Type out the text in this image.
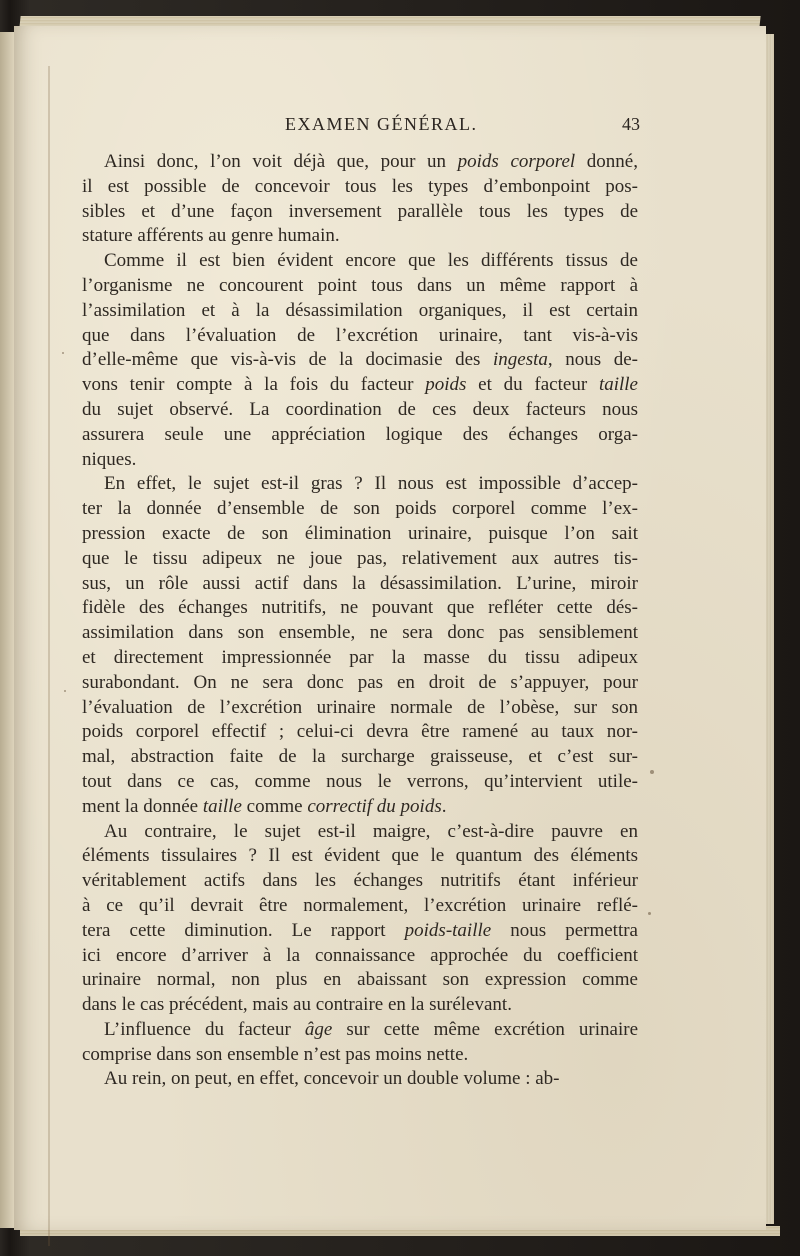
EXAMEN GÉNÉRAL.	43
Ainsi donc, l’on voit déjà que, pour un poids corporel donné,
il est possible de concevoir tous les types d’embonpoint pos-
sibles et d’une façon inversement parallèle tous les types de
stature afférents au genre humain.
Comme il est bien évident encore que les différents tissus de
l’organisme ne concourent point tous dans un même rapport à
l’assimilation et à la désassimilation organiques, il est certain
que dans l’évaluation de l’excrétion urinaire, tant vis-à-vis
d’elle-même que vis-à-vis de la docimasie des ingesta, nous de-
vons tenir compte à la fois du facteur poids et du facteur taille
du sujet observé. La coordination de ces deux facteurs nous
assurera seule une appréciation logique des échanges orga-
niques.
En effet, le sujet est-il gras ? Il nous est impossible d’accep-
ter la donnée d’ensemble de son poids corporel comme l’ex-
pression exacte de son élimination urinaire, puisque l’on sait
que le tissu adipeux ne joue pas, relativement aux autres tis-
sus, un rôle aussi actif dans la désassimilation. L’urine, miroir
fidèle des échanges nutritifs, ne pouvant que refléter cette dés-
assimilation dans son ensemble, ne sera donc pas sensiblement
et directement impressionnée par la masse du tissu adipeux
surabondant. On ne sera donc pas en droit de s’appuyer, pour
l’évaluation de l’excrétion urinaire normale de l’obèse, sur son
poids corporel effectif ; celui-ci devra être ramené au taux nor-
mal, abstraction faite de la surcharge graisseuse, et c’est sur-
tout dans ce cas, comme nous le verrons, qu’intervient utile-
ment la donnée taille comme correctif du poids.
Au contraire, le sujet est-il maigre, c’est-à-dire pauvre en
éléments tissulaires ? Il est évident que le quantum des éléments
véritablement actifs dans les échanges nutritifs étant inférieur
à ce qu’il devrait être normalement, l’excrétion urinaire reflé-
tera cette diminution. Le rapport poids-taille nous permettra
ici encore d’arriver à la connaissance approchée du coefficient
urinaire normal, non plus en abaissant son expression comme
dans le cas précédent, mais au contraire en la surélevant.
L’influence du facteur âge sur cette même excrétion urinaire
comprise dans son ensemble n’est pas moins nette.
Au rein, on peut, en effet, concevoir un double volume : ab-
